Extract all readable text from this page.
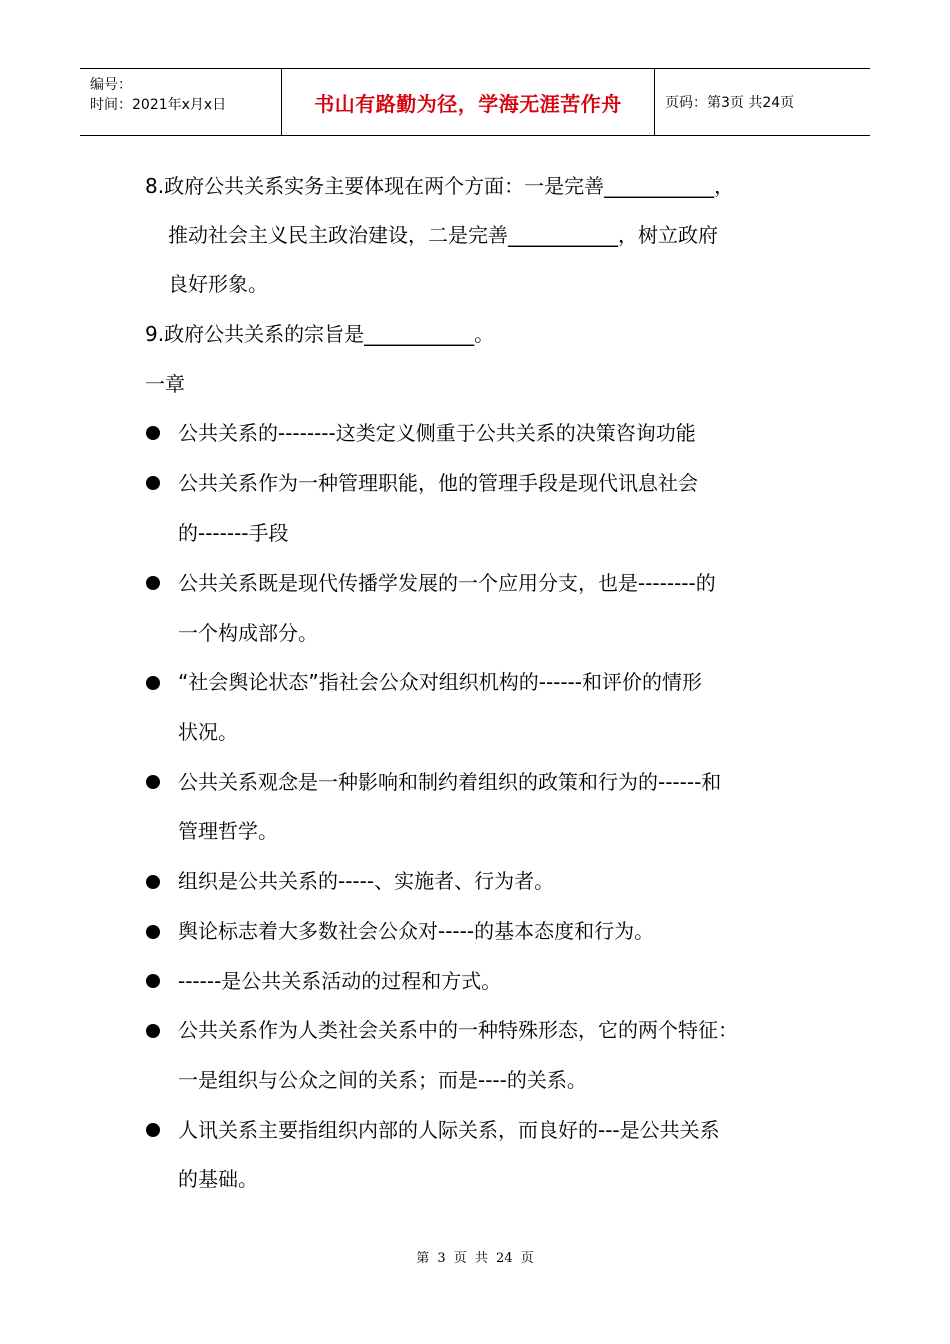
编号：
时间：2021年x月x日	书山有路勤为径，学海无涯苦作舟	页码：第3页 共24页
8.政府公共关系实务主要体现在两个方面：一是完善___________，
推动社会主义民主政治建设，二是完善___________，树立政府
良好形象。
9.政府公共关系的宗旨是___________。
一章
公共关系的--------这类定义侧重于公共关系的决策咨询功能
公共关系作为一种管理职能，他的管理手段是现代讯息社会
的-------手段
公共关系既是现代传播学发展的一个应用分支，也是--------的
一个构成部分。
“社会舆论状态”指社会公众对组织机构的------和评价的情形
状况。
公共关系观念是一种影响和制约着组织的政策和行为的------和
管理哲学。
组织是公共关系的-----、实施者、行为者。
舆论标志着大多数社会公众对-----的基本态度和行为。
------是公共关系活动的过程和方式。
公共关系作为人类社会关系中的一种特殊形态，它的两个特征：
一是组织与公众之间的关系；而是----的关系。
人讯关系主要指组织内部的人际关系，而良好的---是公共关系
的基础。
第 3 页 共 24 页
